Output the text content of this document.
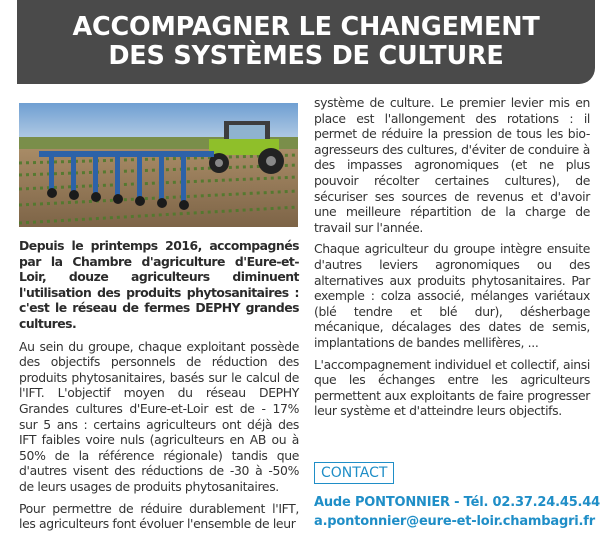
ACCOMPAGNER LE CHANGEMENT
DES SYSTÈMES DE CULTURE

Depuis le printemps 2016, accompagnés par la Chambre d'agriculture d'Eure-et-Loir, douze agriculteurs diminuent l'utilisation des produits phytosanitaires : c'est le réseau de fermes DEPHY grandes cultures.

Au sein du groupe, chaque exploitant possède des objectifs personnels de réduction des produits phytosanitaires, basés sur le calcul de l'IFT. L'objectif moyen du réseau DEPHY Grandes cultures d'Eure-et-Loir est de - 17% sur 5 ans : certains agriculteurs ont déjà des IFT faibles voire nuls (agriculteurs en AB ou à 50% de la référence régionale) tandis que d'autres visent des réductions de -30 à -50% de leurs usages de produits phytosanitaires.

Pour permettre de réduire durablement l'IFT, les agriculteurs font évoluer l'ensemble de leur

système de culture. Le premier levier mis en place est l'allongement des rotations : il permet de réduire la pression de tous les bio-agresseurs des cultures, d'éviter de conduire à des impasses agronomiques (et ne plus pouvoir récolter certaines cultures), de sécuriser ses sources de revenus et d'avoir une meilleure répartition de la charge de travail sur l'année.

Chaque agriculteur du groupe intègre ensuite d'autres leviers agronomiques ou des alternatives aux produits phytosanitaires. Par exemple : colza associé, mélanges variétaux (blé tendre et blé dur), désherbage mécanique, décalages des dates de semis, implantations de bandes mellifères, ...

L'accompagnement individuel et collectif, ainsi que les échanges entre les agriculteurs permettent aux exploitants de faire progresser leur système et d'atteindre leurs objectifs.

CONTACT
Aude PONTONNIER - Tél. 02.37.24.45.44
a.pontonnier@eure-et-loir.chambagri.fr
